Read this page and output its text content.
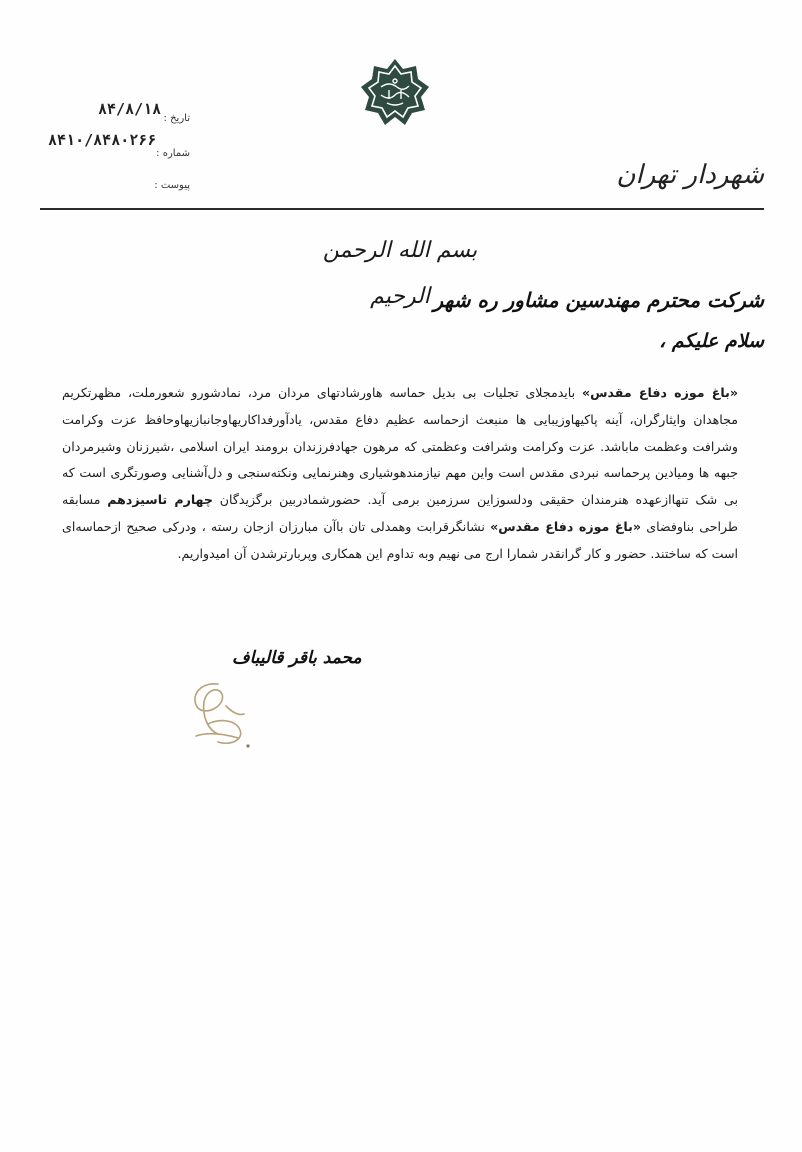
تاریخ :
۸۴/۸/۱۸
شماره :
۸۴۱۰/۸۴۸۰۲۶۶
پیوست :	شهردار تهران
بسم الله الرحمن الرحیم شرکت محترم مهندسین مشاور ره شهر
سلام علیکم ،
«باغ موزه دفاع مقدس» بایدمجلای تجلیات بی بدیل حماسه هاورشادتهای مردان مرد، نمادشورو شعورملت، مظهرتکریم مجاهدان وایثارگران، آینه پاکیهاوزیبایی ها منبعث ازحماسه عظیم دفاع مقدس، یادآورفداکاریهاوجانبازیهاوحافظ عزت وکرامت وشرافت وعظمت ماباشد. عزت وکرامت وشرافت وعظمتی که مرهون جهادفرزندان برومند ایران اسلامی ،شیرزنان وشیرمردان جبهه ها ومیادین پرحماسه نبردی مقدس است واین مهم نیازمندهوشیاری وهنرنمایی ونکته‌سنجی و دل‌آشنایی وصورتگری است که بی شک تنهاازعهده هنرمندان حقیقی ودلسوزاین سرزمین برمی آید. حضورشمادربین برگزیدگان چهارم تاسیزدهم مسابقه طراحی بناوفضای «باغ موزه دفاع مقدس» نشانگرقرابت وهمدلی تان باآن مبارزان ازجان رسته ، ودرکی صحیح ازحماسه‌ای است که ساختند. حضور و کار گرانقدر شمارا ارج می نهیم وبه تداوم این همکاری وپربارترشدن آن امیدواریم.
محمد باقر قالیباف
